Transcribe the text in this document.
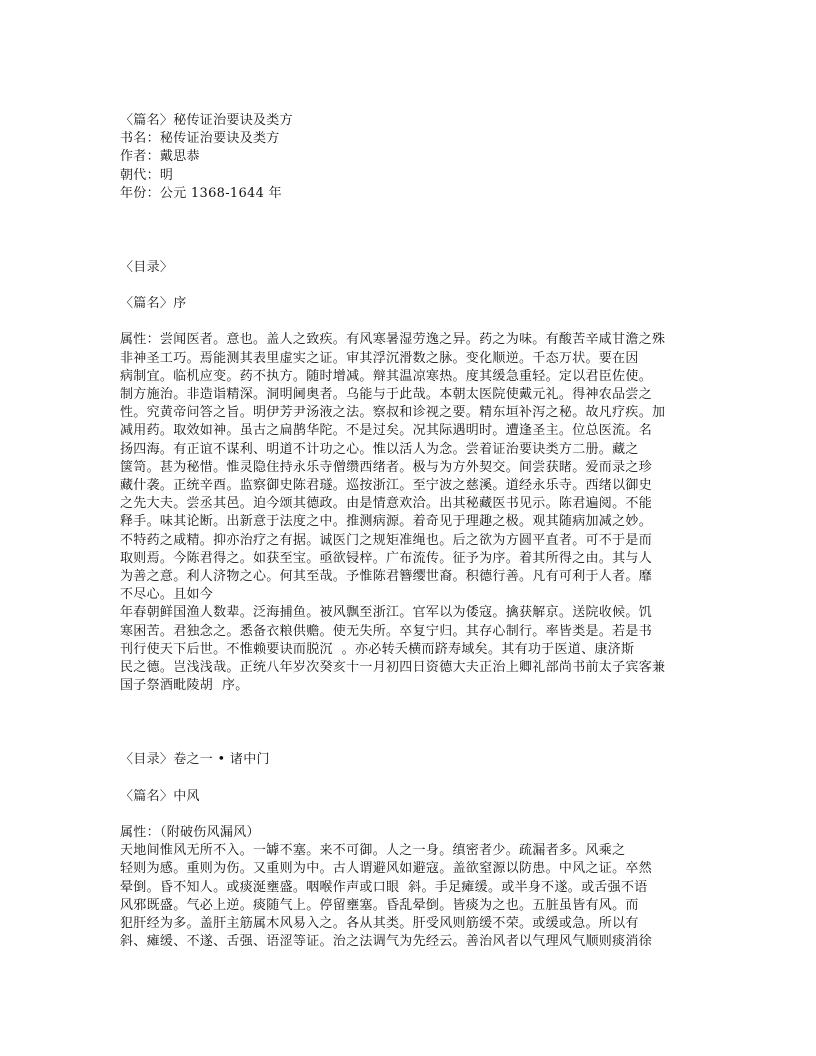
〈篇名〉秘传证治要诀及类方
书名：秘传证治要诀及类方
作者：戴思恭
朝代：明
年份：公元 1368-1644 年
〈目录〉
〈篇名〉序
属性：尝闻医者。意也。盖人之致疾。有风寒暑湿劳逸之异。药之为味。有酸苦辛咸甘澹之殊
非神圣工巧。焉能测其表里虚实之证。审其浮沉滑数之脉。变化顺逆。千态万状。要在因
病制宜。临机应变。药不执方。随时增减。辩其温凉寒热。度其缓急重轻。定以君臣佐使。
制方施治。非造诣精深。洞明阃奥者。乌能与于此哉。本朝太医院使戴元礼。得神农品尝之
性。究黄帝问答之旨。明伊芳尹汤液之法。察叔和诊视之要。精东垣补泻之秘。故凡疗疾。加
减用药。取效如神。虽古之扁鹊华陀。不是过矣。况其际遇明时。遭逢圣主。位总医流。名
扬四海。有正谊不谋利、明道不计功之心。惟以活人为念。尝着证治要诀类方二册。藏之
箧笥。甚为秘惜。惟灵隐住持永乐寺僧缵西绪者。极与为方外契交。间尝获睹。爱而录之珍
藏什袭。正统辛酉。监察御史陈君璲。巡按浙江。至宁波之慈溪。道经永乐寺。西绪以御史
之先大夫。尝丞其邑。迫今颂其德政。由是情意欢洽。出其秘藏医书见示。陈君遍阅。不能
释手。味其论断。出新意于法度之中。推测病源。着奇见于理趣之极。观其随病加减之妙。
不特药之咸精。抑亦治疗之有据。诚医门之规矩准绳也。后之欲为方圆平直者。可不于是而
取则焉。今陈君得之。如获至宝。亟欲锓梓。广布流传。征予为序。着其所得之由。其与人
为善之意。利人济物之心。何其至哉。予惟陈君簪缨世裔。积德行善。凡有可利于人者。靡
不尽心。且如今
年春朝鲜国渔人数辈。泛海捕鱼。被风飘至浙江。官军以为倭寇。擒获解京。送院收候。饥
寒困苦。君独念之。悉备衣粮供赡。使无失所。卒复宁归。其存心制行。率皆类是。若是书
刊行使天下后世。不惟赖要诀而脱沉  。亦必转夭横而跻寿域矣。其有功于医道、康济斯
民之德。岂浅浅哉。正统八年岁次癸亥十一月初四日资德大夫正治上卿礼部尚书前太子宾客兼
国子祭酒毗陵胡  序。
〈目录〉卷之一 • 诸中门
〈篇名〉中风
属性：（附破伤风漏风）
天地间惟风无所不入。一罅不塞。来不可御。人之一身。缜密者少。疏漏者多。风乘之
轻则为感。重则为伤。又重则为中。古人谓避风如避寇。盖欲窒源以防患。中风之证。卒然
晕倒。昏不知人。或痰涎壅盛。咽喉作声或口眼  斜。手足瘫缓。或半身不遂。或舌强不语
风邪既盛。气必上逆。痰随气上。停留壅塞。昏乱晕倒。皆痰为之也。五脏虽皆有风。而
犯肝经为多。盖肝主筋属木风易入之。各从其类。肝受风则筋缓不荣。或缓或急。所以有
斜、瘫缓、不遂、舌强、语涩等证。治之法调气为先经云。善治风者以气理风气顺则痰消徐
